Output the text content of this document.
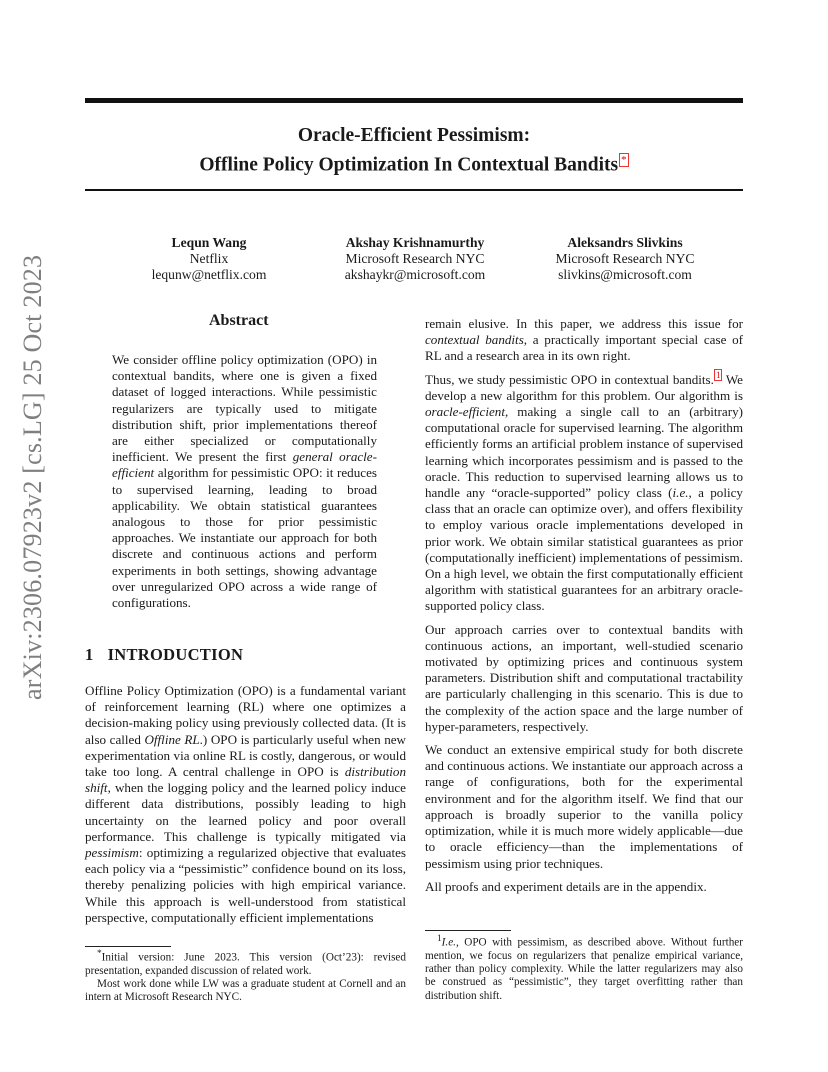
arXiv:2306.07923v2 [cs.LG] 25 Oct 2023
Oracle-Efficient Pessimism:
Offline Policy Optimization In Contextual Bandits *
Lequn Wang
Netflix
lequnw@netflix.com
Akshay Krishnamurthy
Microsoft Research NYC
akshaykr@microsoft.com
Aleksandrs Slivkins
Microsoft Research NYC
slivkins@microsoft.com
Abstract
We consider offline policy optimization (OPO) in contextual bandits, where one is given a fixed dataset of logged interactions. While pessimistic regularizers are typically used to mitigate distribution shift, prior implementations thereof are either specialized or computationally inefficient. We present the first general oracle-efficient algorithm for pessimistic OPO: it reduces to supervised learning, leading to broad applicability. We obtain statistical guarantees analogous to those for prior pessimistic approaches. We instantiate our approach for both discrete and continuous actions and perform experiments in both settings, showing advantage over unregularized OPO across a wide range of configurations.
1 INTRODUCTION
Offline Policy Optimization (OPO) is a fundamental variant of reinforcement learning (RL) where one optimizes a decision-making policy using previously collected data. (It is also called Offline RL.) OPO is particularly useful when new experimentation via online RL is costly, dangerous, or would take too long. A central challenge in OPO is distribution shift, when the logging policy and the learned policy induce different data distributions, possibly leading to high uncertainty on the learned policy and poor overall performance. This challenge is typically mitigated via pessimism: optimizing a regularized objective that evaluates each policy via a “pessimistic” confidence bound on its loss, thereby penalizing policies with high empirical variance. While this approach is well-understood from statistical perspective, computationally efficient implementations

remain elusive. In this paper, we address this issue for contextual bandits, a practically important special case of RL and a research area in its own right.

Thus, we study pessimistic OPO in contextual bandits. $^1$ We develop a new algorithm for this problem. Our algorithm is oracle-efficient, making a single call to an (arbitrary) computational oracle for supervised learning. The algorithm efficiently forms an artificial problem instance of supervised learning which incorporates pessimism and is passed to the oracle. This reduction to supervised learning allows us to handle any “oracle-supported” policy class (i.e., a policy class that an oracle can optimize over), and offers flexibility to employ various oracle implementations developed in prior work. We obtain similar statistical guarantees as prior (computationally inefficient) implementations of pessimism. On a high level, we obtain the first computationally efficient algorithm with statistical guarantees for an arbitrary oracle-supported policy class.

Our approach carries over to contextual bandits with continuous actions, an important, well-studied scenario motivated by optimizing prices and continuous system parameters. Distribution shift and computational tractability are particularly challenging in this scenario. This is due to the complexity of the action space and the large number of hyper-parameters, respectively.

We conduct an extensive empirical study for both discrete and continuous actions. We instantiate our approach across a range of configurations, both for the experimental environment and for the algorithm itself. We find that our approach is broadly superior to the vanilla policy optimization, while it is much more widely applicable—due to oracle efficiency—than the implementations of pessimism using prior techniques.

All proofs and experiment details are in the appendix.

*Initial version: June 2023. This version (Oct’23): revised presentation, expanded discussion of related work.

Most work done while LW was a graduate student at Cornell and an intern at Microsoft Research NYC.

$^1$I.e., OPO with pessimism, as described above. Without further mention, we focus on regularizers that penalize empirical variance, rather than policy complexity. While the latter regularizers may also be construed as “pessimistic”, they target overfitting rather than distribution shift.
